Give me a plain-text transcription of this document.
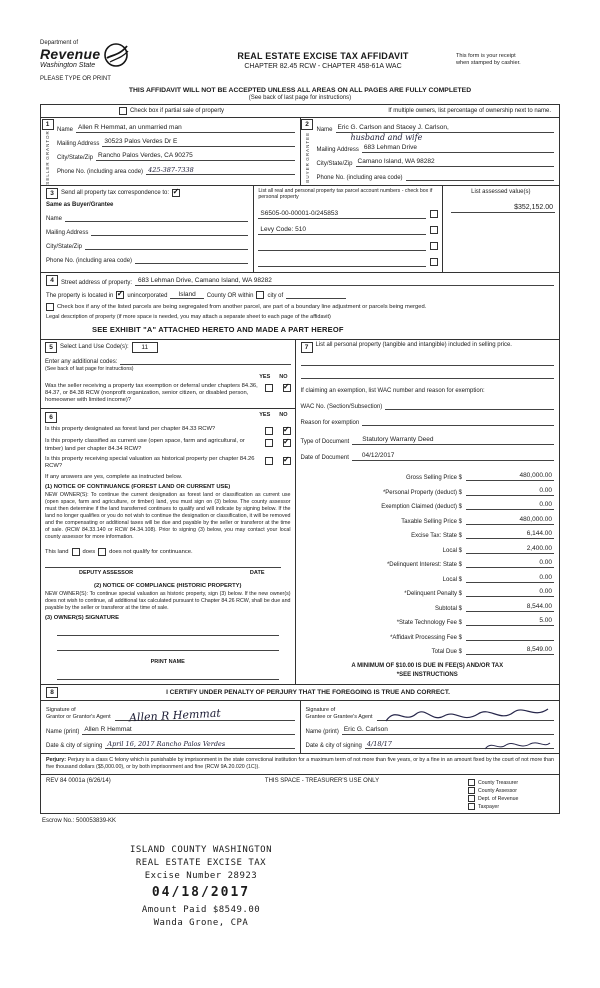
Department of
Revenue
Washington State
PLEASE TYPE OR PRINT
REAL ESTATE EXCISE TAX AFFIDAVIT
CHAPTER 82.45 RCW - CHAPTER 458-61A WAC
This form is your receipt
when stamped by cashier.
THIS AFFIDAVIT WILL NOT BE ACCEPTED UNLESS ALL AREAS ON ALL PAGES ARE FULLY COMPLETED
(See back of last page for instructions)
Check box if partial sale of property	If multiple owners, list percentage of ownership next to name.
1
SELLER
GRANTOR Name Allen R Hemmat, an unmarried man
Mailing Address 30523 Palos Verdes Dr E
City/State/Zip Rancho Palos Verdes, CA 90275
Phone No. (including area code) 425-387-7338
2
BUYER
GRANTEE
Name Eric G. Carlson and Stacey J. Carlson,
husband and wife
Mailing Address 683 Lehman Drive
City/State/Zip Camano Island, WA 98282
Phone No. (including area code)
3	Send all property tax correspondence to:
✓
Same as Buyer/Grantee
Name
Mailing Address
City/State/Zip
Phone No. (including area code)
List all real and personal property tax parcel account numbers - check box if personal property
S6505-00-00001-0/245853
Levy Code: 510
List assessed value(s)
$352,152.00
4	Street address of property: 683 Lehman Drive, Camano Island, WA 98282
The property is located in ✓ unincorporated	Island	County OR within city of
Check box if any of the listed parcels are being segregated from another parcel, are part of a boundary line adjustment or parcels being merged.
Legal description of property (if more space is needed, you may attach a separate sheet to each page of the affidavit)
SEE EXHIBIT "A" ATTACHED HERETO AND MADE A PART HEREOF
5	Select Land Use Code(s):	11
Enter any additional codes:
(See back of last page for instructions)
YES NO
Was the seller receiving a property tax exemption or deferral under chapters 84.36, 84.37, or 84.38 RCW (nonprofit organization, senior citizen, or disabled person, homeowner with limited income)?
✓
6	YES NO
Is this property designated as forest land per chapter 84.33 RCW?
✓
Is this property classified as current use (open space, farm and agricultural, or timber) land per chapter 84.34 RCW?
✓
Is this property receiving special valuation as historical property per chapter 84.26 RCW?
✓
If any answers are yes, complete as instructed below.
(1) NOTICE OF CONTINUANCE (FOREST LAND OR CURRENT USE)
NEW OWNER(S): To continue the current designation as forest land or classification as current use (open space, farm and agriculture, or timber) land, you must sign on (3) below. The county assessor must then determine if the land transferred continues to qualify and will indicate by signing below. If the land no longer qualifies or you do not wish to continue the designation or classification, it will be removed and the compensating or additional taxes will be due and payable by the seller or transferor at the time of sale. (RCW 84.33.140 or RCW 84.34.108). Prior to signing (3) below, you may contact your local county assessor for more information.
This land does does not qualify for continuance.
DEPUTY ASSESSOR	DATE
(2) NOTICE OF COMPLIANCE (HISTORIC PROPERTY)
NEW OWNER(S): To continue special valuation as historic property, sign (3) below. If the new owner(s) does not wish to continue, all additional tax calculated pursuant to Chapter 84.26 RCW, shall be due and payable by the seller or transferor at the time of sale.
(3) OWNER(S) SIGNATURE
PRINT NAME
7	List all personal property (tangible and intangible) included in selling price.
If claiming an exemption, list WAC number and reason for exemption:
WAC No. (Section/Subsection)
Reason for exemption
Type of Document	Statutory Warranty Deed
Date of Document	04/12/2017
Gross Selling Price $	480,000.00
*Personal Property (deduct) $	0.00
Exemption Claimed (deduct) $	0.00
Taxable Selling Price $	480,000.00
Excise Tax: State $	6,144.00
Local $	2,400.00
*Delinquent Interest: State $	0.00
Local $	0.00
*Delinquent Penalty $	0.00
Subtotal $	8,544.00
*State Technology Fee $	5.00
*Affidavit Processing Fee $
Total Due $	8,549.00
A MINIMUM OF $10.00 IS DUE IN FEE(S) AND/OR TAX
*SEE INSTRUCTIONS
8	I CERTIFY UNDER PENALTY OF PERJURY THAT THE FOREGOING IS TRUE AND CORRECT.
Signature of
Grantor or Grantor's Agent Allen R Hemmat
Name (print) Allen R Hemmat
Date & city of signing April 16, 2017 Rancho Palos Verdes
Signature of
Grantee or Grantee's Agent
Name (print) Eric G. Carlson
Date & city of signing 4/18/17
Perjury: Perjury is a class C felony which is punishable by imprisonment in the state correctional institution for a maximum term of not more than five years, or by a fine in an amount fixed by the court of not more than five thousand dollars ($5,000.00), or by both imprisonment and fine (RCW 9A.20.020 (1C)).
REV 84 0001a (6/26/14)	THIS SPACE - TREASURER'S USE ONLY	County Treasurer
County Assessor
Dept. of Revenue
Taxpayer
Escrow No.: 500053839-KK
ISLAND COUNTY WASHINGTON
REAL ESTATE EXCISE TAX
Excise Number 28923
04/18/2017
Amount Paid $8549.00
Wanda Grone, CPA
